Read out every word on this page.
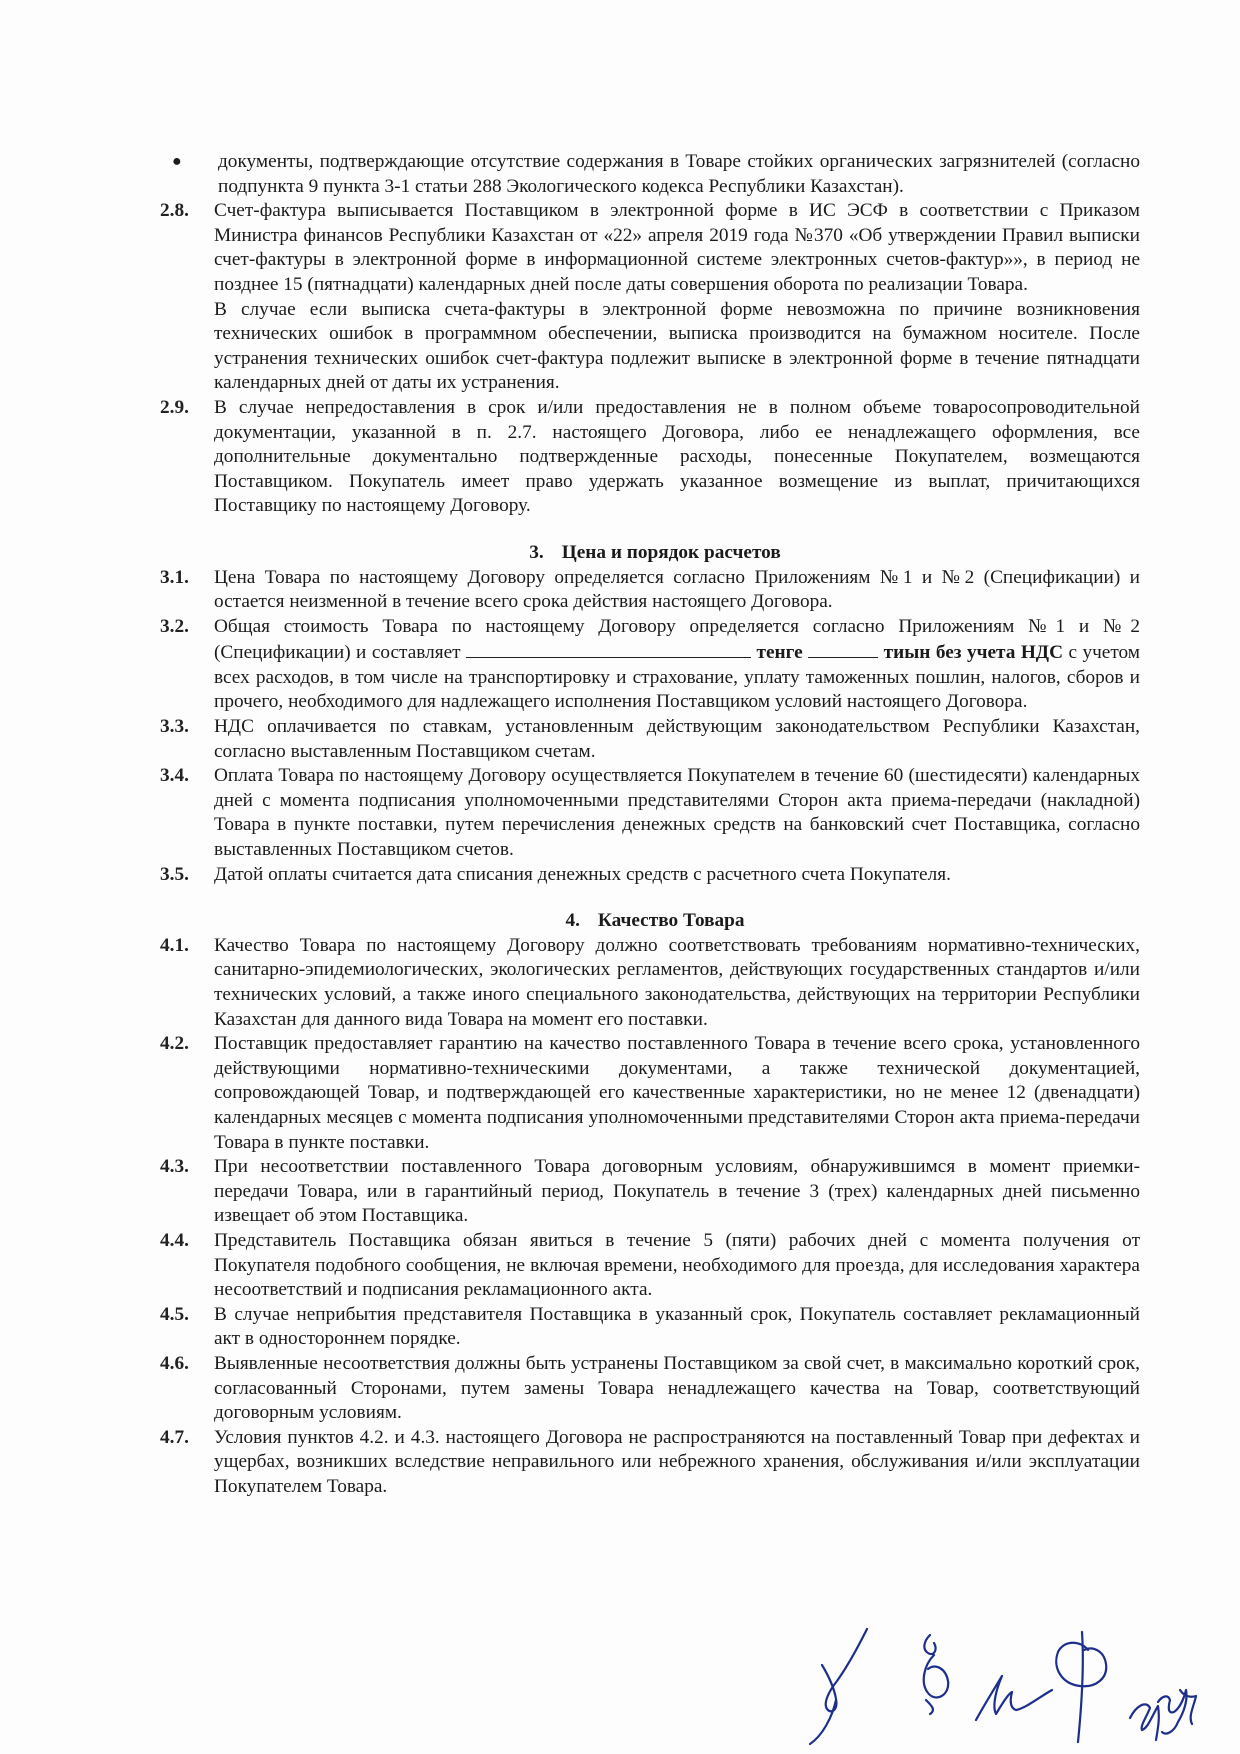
● документы, подтверждающие отсутствие содержания в Товаре стойких органических загрязнителей (согласно подпункта 9 пункта 3-1 статьи 288 Экологического кодекса Республики Казахстан).
2.8. Счет-фактура выписывается Поставщиком в электронной форме в ИС ЭСФ в соответствии с Приказом Министра финансов Республики Казахстан от «22» апреля 2019 года №370 «Об утверждении Правил выписки счет-фактуры в электронной форме в информационной системе электронных счетов-фактур»», в период не позднее 15 (пятнадцати) календарных дней после даты совершения оборота по реализации Товара.
В случае если выписка счета-фактуры в электронной форме невозможна по причине возникновения технических ошибок в программном обеспечении, выписка производится на бумажном носителе. После устранения технических ошибок счет-фактура подлежит выписке в электронной форме в течение пятнадцати календарных дней от даты их устранения.
2.9. В случае непредоставления в срок и/или предоставления не в полном объеме товаросопроводительной документации, указанной в п. 2.7. настоящего Договора, либо ее ненадлежащего оформления, все дополнительные документально подтвержденные расходы, понесенные Покупателем, возмещаются Поставщиком. Покупатель имеет право удержать указанное возмещение из выплат, причитающихся Поставщику по настоящему Договору.
3. Цена и порядок расчетов
3.1. Цена Товара по настоящему Договору определяется согласно Приложениям №1 и №2 (Спецификации) и остается неизменной в течение всего срока действия настоящего Договора.
3.2. Общая стоимость Товара по настоящему Договору определяется согласно Приложениям №1 и №2 (Спецификации) и составляет	тенге	тиын без учета НДС с учетом всех расходов, в том числе на транспортировку и страхование, уплату таможенных пошлин, налогов, сборов и прочего, необходимого для надлежащего исполнения Поставщиком условий настоящего Договора.
3.3. НДС оплачивается по ставкам, установленным действующим законодательством Республики Казахстан, согласно выставленным Поставщиком счетам.
3.4. Оплата Товара по настоящему Договору осуществляется Покупателем в течение 60 (шестидесяти) календарных дней с момента подписания уполномоченными представителями Сторон акта приема-передачи (накладной) Товара в пункте поставки, путем перечисления денежных средств на банковский счет Поставщика, согласно выставленных Поставщиком счетов.
3.5. Датой оплаты считается дата списания денежных средств с расчетного счета Покупателя.
4. Качество Товара
4.1. Качество Товара по настоящему Договору должно соответствовать требованиям нормативно-технических, санитарно-эпидемиологических, экологических регламентов, действующих государственных стандартов и/или технических условий, а также иного специального законодательства, действующих на территории Республики Казахстан для данного вида Товара на момент его поставки.
4.2. Поставщик предоставляет гарантию на качество поставленного Товара в течение всего срока, установленного действующими нормативно-техническими документами, а также технической документацией, сопровождающей Товар, и подтверждающей его качественные характеристики, но не менее 12 (двенадцати) календарных месяцев с момента подписания уполномоченными представителями Сторон акта приема-передачи Товара в пункте поставки.
4.3. При несоответствии поставленного Товара договорным условиям, обнаружившимся в момент приемки-передачи Товара, или в гарантийный период, Покупатель в течение 3 (трех) календарных дней письменно извещает об этом Поставщика.
4.4. Представитель Поставщика обязан явиться в течение 5 (пяти) рабочих дней с момента получения от Покупателя подобного сообщения, не включая времени, необходимого для проезда, для исследования характера несоответствий и подписания рекламационного акта.
4.5. В случае неприбытия представителя Поставщика в указанный срок, Покупатель составляет рекламационный акт в одностороннем порядке.
4.6. Выявленные несоответствия должны быть устранены Поставщиком за свой счет, в максимально короткий срок, согласованный Сторонами, путем замены Товара ненадлежащего качества на Товар, соответствующий договорным условиям.
4.7. Условия пунктов 4.2. и 4.3. настоящего Договора не распространяются на поставленный Товар при дефектах и ущербах, возникших вследствие неправильного или небрежного хранения, обслуживания и/или эксплуатации Покупателем Товара.
